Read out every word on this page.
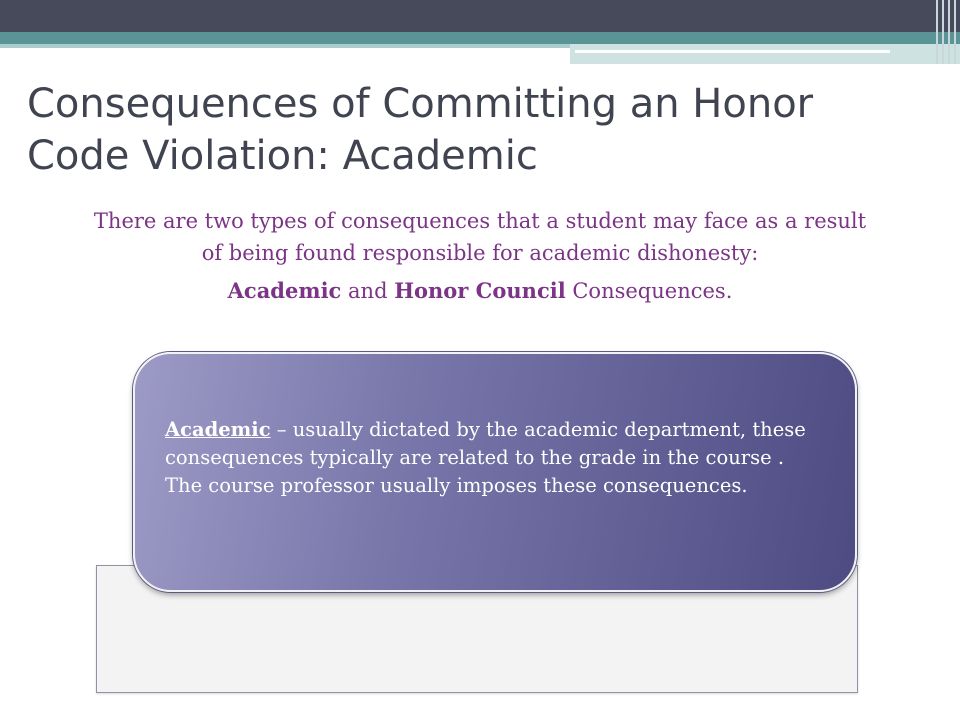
Consequences of Committing an Honor
Code Violation: Academic

There are two types of consequences that a student may face as a result

of being found responsible for academic dishonesty:

Academic and Honor Council Consequences.

Academic – usually dictated by the academic department, these consequences typically are related to the grade in the course . The course professor usually imposes these consequences.
